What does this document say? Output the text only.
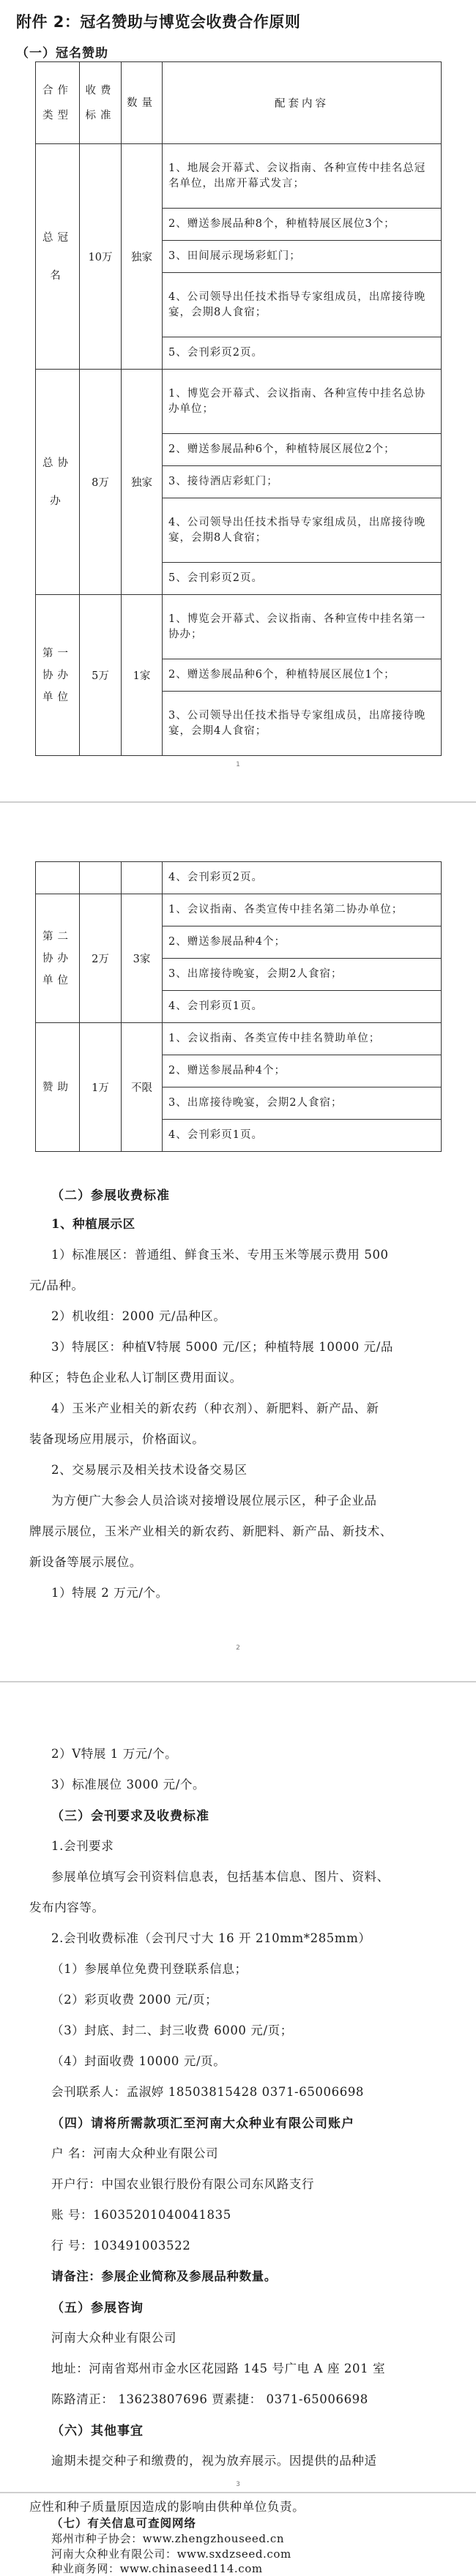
附件 2：冠名赞助与博览会收费合作原则
（一）冠名赞助
合作类型	收费标准	数量	配套内容
总冠名	10万	独家	1、地展会开幕式、会议指南、各种宣传中挂名总冠名单位，出席开幕式发言；
			2、赠送参展品种8个，种植特展区展位3个；
			3、田间展示现场彩虹门；
			4、公司领导出任技术指导专家组成员，出席接待晚宴，会期8人食宿；
			5、会刊彩页2页。
总协办	8万	独家	1、博览会开幕式、会议指南、各种宣传中挂名总协办单位；
			2、赠送参展品种6个，种植特展区展位2个；
			3、接待酒店彩虹门；
			4、公司领导出任技术指导专家组成员，出席接待晚宴，会期8人食宿；
			5、会刊彩页2页。
第一协办单位	5万	1家	1、博览会开幕式、会议指南、各种宣传中挂名第一协办；
			2、赠送参展品种6个，种植特展区展位1个；
			3、公司领导出任技术指导专家组成员，出席接待晚宴，会期4人食宿；
1
			4、会刊彩页2页。
第二协办单位	2万	3家	1、会议指南、各类宣传中挂名第二协办单位；
			2、赠送参展品种4个；
			3、出席接待晚宴，会期2人食宿；
			4、会刊彩页1页。
赞助	1万	不限	1、会议指南、各类宣传中挂名赞助单位；
			2、赠送参展品种4个；
			3、出席接待晚宴，会期2人食宿；
			4、会刊彩页1页。
（二）参展收费标准
1、种植展示区
1）标准展区：普通组、鲜食玉米、专用玉米等展示费用 500
元/品种。
2）机收组：2000 元/品种区。
3）特展区：种植Ⅴ特展 5000 元/区；种植特展 10000 元/品
种区；特色企业私人订制区费用面议。
4）玉米产业相关的新农药（种衣剂）、新肥料、新产品、新
装备现场应用展示，价格面议。
2、交易展示及相关技术设备交易区
为方便广大参会人员洽谈对接增设展位展示区，种子企业品
牌展示展位，玉米产业相关的新农药、新肥料、新产品、新技术、
新设备等展示展位。
1）特展 2 万元/个。
2
2）Ⅴ特展 1 万元/个。
3）标准展位 3000 元/个。
（三）会刊要求及收费标准
1.会刊要求
参展单位填写会刊资料信息表，包括基本信息、图片、资料、
发布内容等。
2.会刊收费标准（会刊尺寸大 16 开 210mm*285mm）
（1）参展单位免费刊登联系信息；
（2）彩页收费 2000 元/页；
（3）封底、封二、封三收费 6000 元/页；
（4）封面收费 10000 元/页。
会刊联系人：孟淑婷 18503815428 0371-65006698
（四）请将所需款项汇至河南大众种业有限公司账户
户 名：河南大众种业有限公司
开户行：中国农业银行股份有限公司东风路支行
账 号：16035201040041835
行 号：103491003522
请备注：参展企业简称及参展品种数量。
（五）参展咨询
河南大众种业有限公司
地址：河南省郑州市金水区花园路 145 号广电 A 座 201 室
陈路清正： 13623807696 贾素捷： 0371-65006698
（六）其他事宜
逾期未提交种子和缴费的，视为放弃展示。因提供的品种适
3
应性和种子质量原因造成的影响由供种单位负责。
（七）有关信息可查阅网络
郑州市种子协会：www.zhengzhouseed.cn
河南大众种业有限公司：www.sxdzseed.com
种业商务网：www.chinaseed114.com
